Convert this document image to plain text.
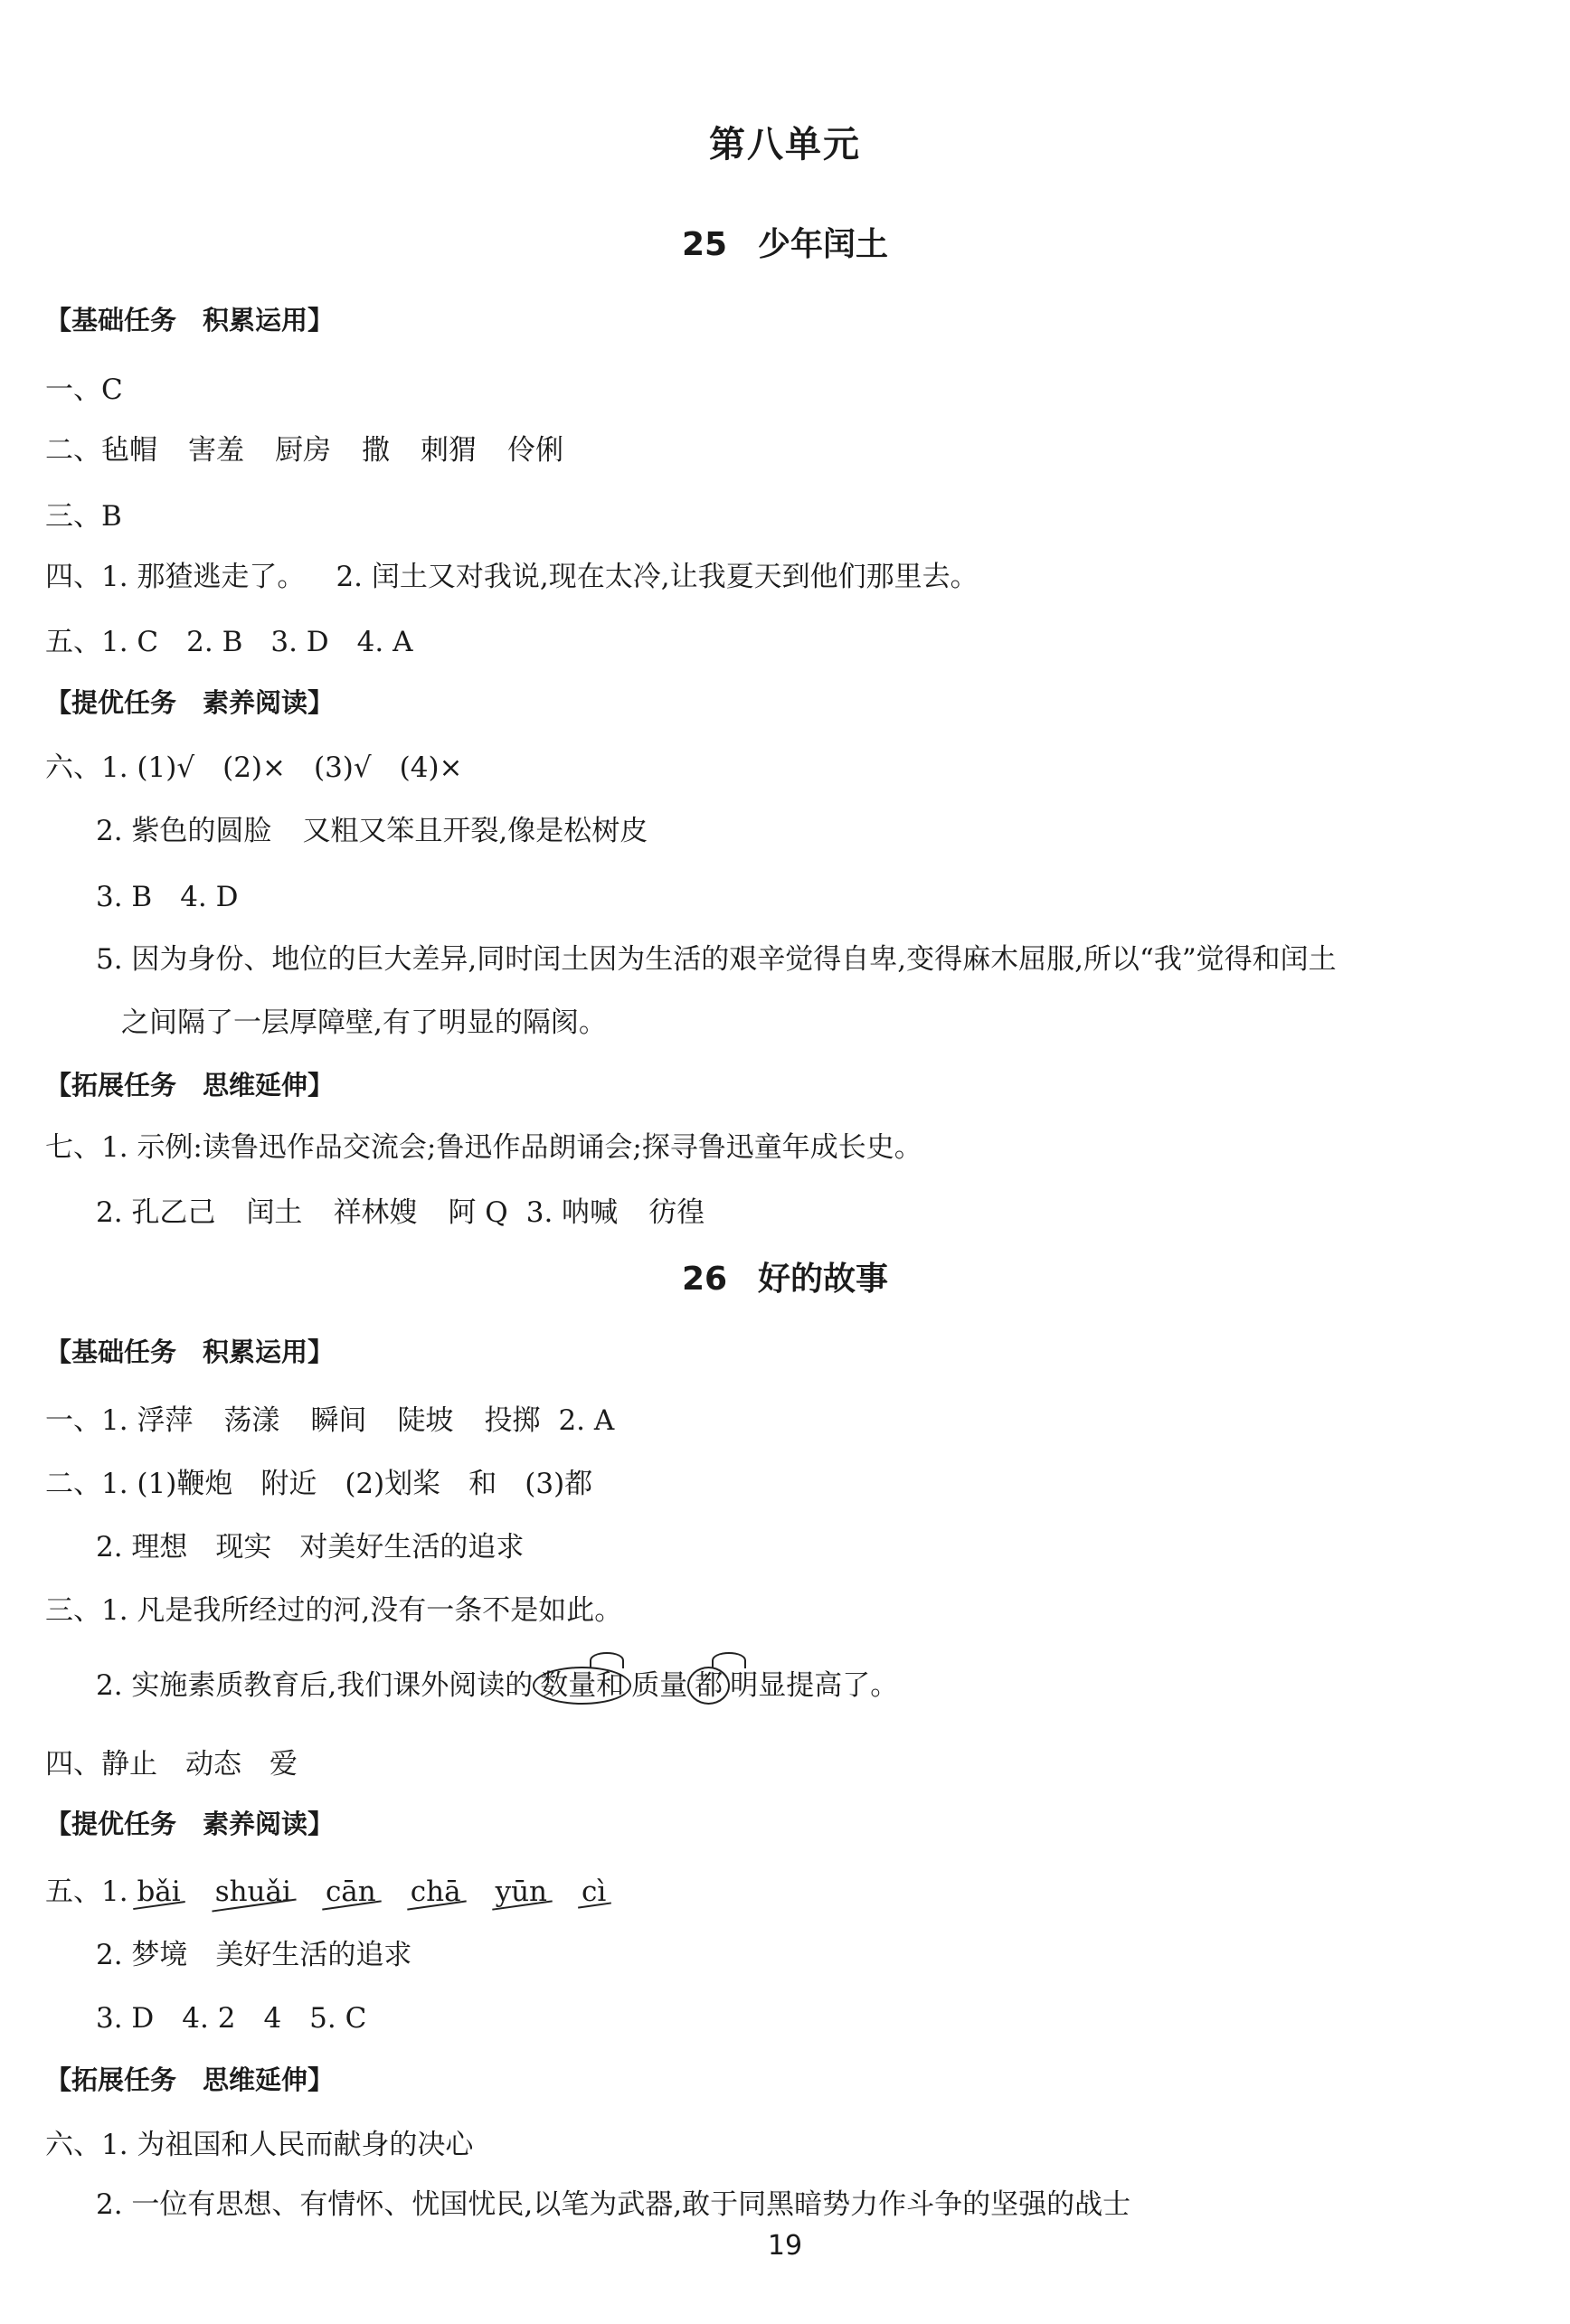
第八单元
25 少年闰土
【基础任务　积累运用】
一、C
二、毡帽 害羞 厨房 撒 刺猬 伶俐
三、B
四、1. 那猹逃走了。 2. 闰土又对我说,现在太冷,让我夏天到他们那里去。
五、1. C　2. B　3. D　4. A
【提优任务　素养阅读】
六、1. (1)√　(2)×　(3)√　(4)×
2. 紫色的圆脸 又粗又笨且开裂,像是松树皮
3. B　4. D
5. 因为身份、地位的巨大差异,同时闰土因为生活的艰辛觉得自卑,变得麻木屈服,所以“我”觉得和闰土
之间隔了一层厚障壁,有了明显的隔阂。
【拓展任务　思维延伸】
七、1. 示例:读鲁迅作品交流会;鲁迅作品朗诵会;探寻鲁迅童年成长史。
2. 孔乙己 闰土 祥林嫂 阿 Q 3. 呐喊 彷徨
26 好的故事
【基础任务　积累运用】
一、1. 浮萍 荡漾 瞬间 陡坡 投掷 2. A
二、1. (1)鞭炮　附近　(2)划桨　和　(3)都
2. 理想　现实　对美好生活的追求
三、1. 凡是我所经过的河,没有一条不是如此。
2. 实施素质教育后,我们课外阅读的 数量和 质量 都 明显提高了。
四、静止　动态　爱
【提优任务　素养阅读】
五、1. bǎi shuǎi cān chā yūn cì
2. 梦境　美好生活的追求
3. D　4. 2　4　5. C
【拓展任务　思维延伸】
六、1. 为祖国和人民而献身的决心
2. 一位有思想、有情怀、忧国忧民,以笔为武器,敢于同黑暗势力作斗争的坚强的战士
19
